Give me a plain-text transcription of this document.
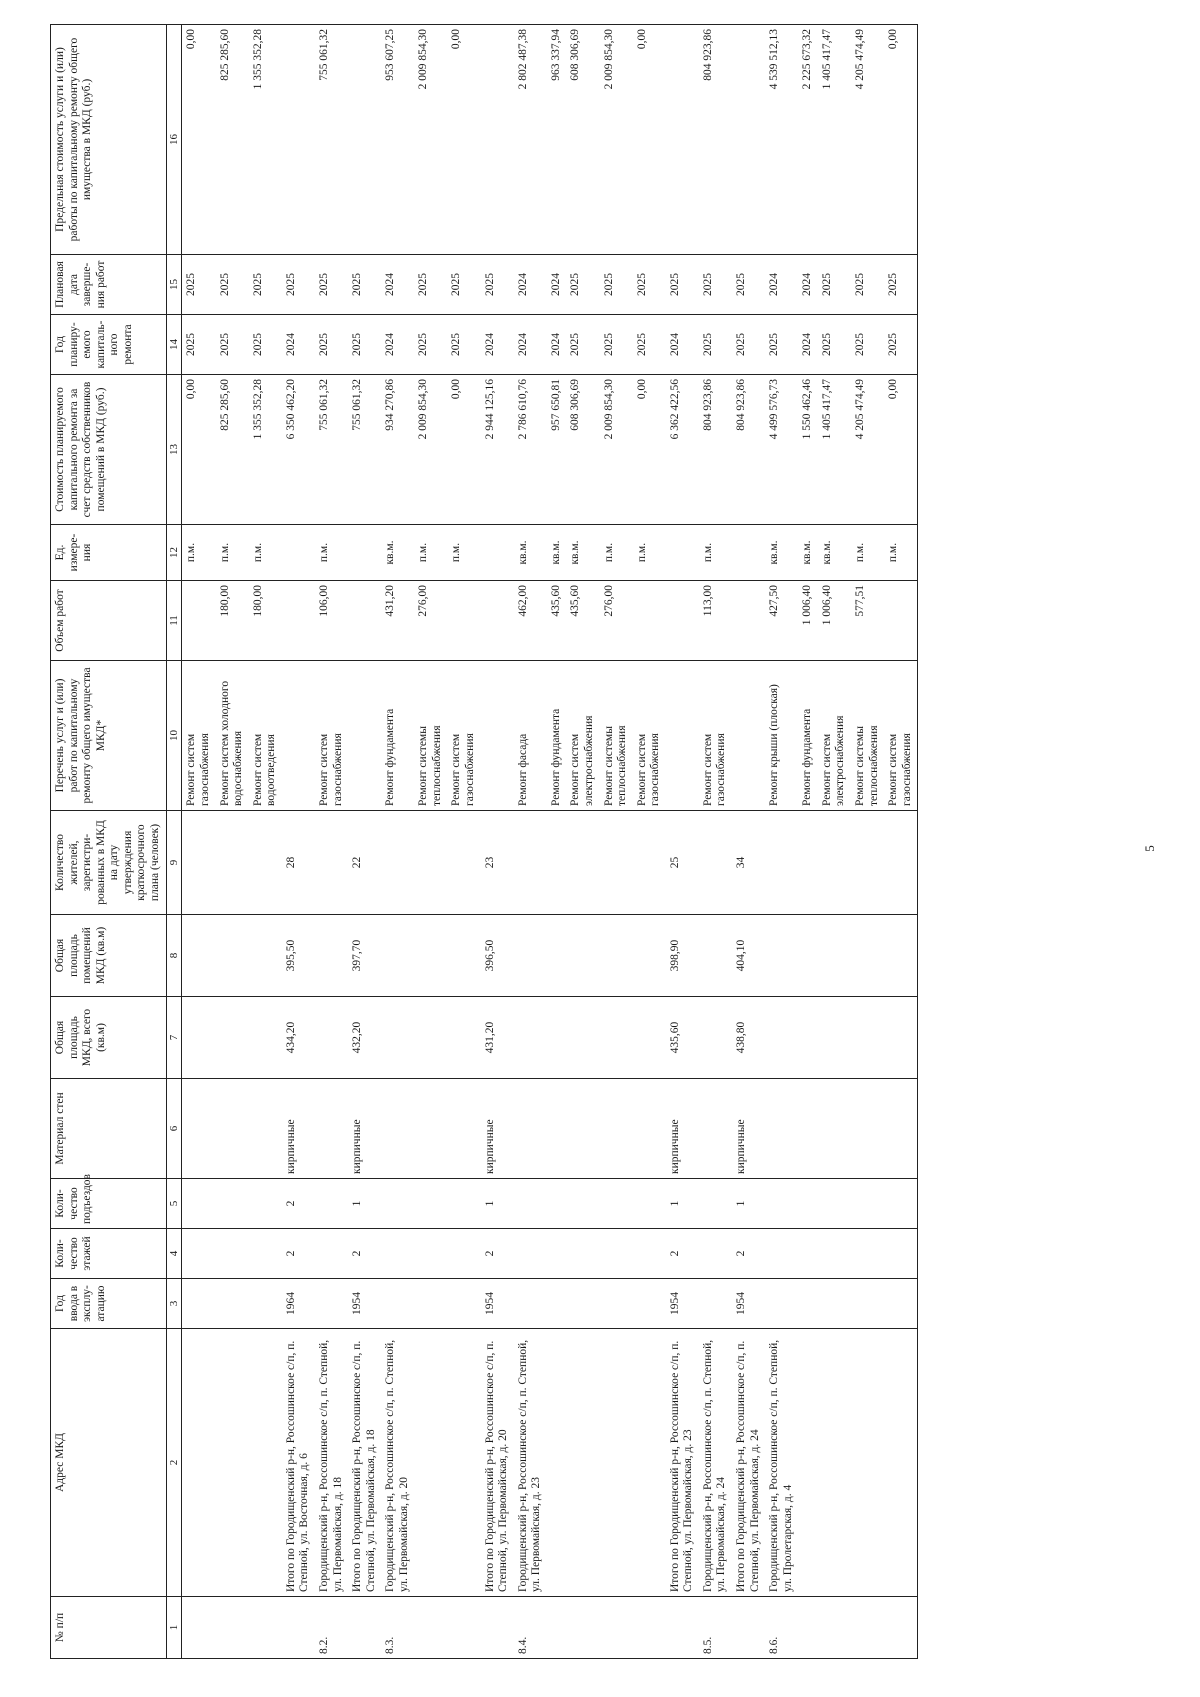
№ п/п	Адрес МКД	Год ввода в эксплу-атацию	Коли-чество этажей	Коли-чество подъездов	Материал стен	Общая площадь МКД, всего (кв.м)	Общая площадь помещений МКД (кв.м)	Количество жителей, зарегистри-рованных в МКД на дату утверждения краткосрочного плана (человек)	Перечень услуг и (или) работ по капитальному ремонту общего имущества МКД*	Объем работ	Ед. измере-ния	Стоимость планируемого капитального ремонта за счет средств собственников помещений в МКД (руб.)	Год планиру-емого капиталь-ного ремонта	Плановая дата заверше-ния работ	Предельная стоимость услуги и (или) работы по капитальному ремонту общего имущества в МКД (руб.)
1	2	3	4	5	6	7	8	9	10	11	12	13	14	15	16
									Ремонт систем газоснабжения		п.м.	0,00	2025	2025	0,00
									Ремонт систем холодного водоснабжения	180,00	п.м.	825 285,60	2025	2025	825 285,60
									Ремонт систем водоотведения	180,00	п.м.	1 355 352,28	2025	2025	1 355 352,28
	Итого по Городищенский р-н, Россошинское с/п, п. Степной, ул. Восточная, д. 6	1964	2	2	кирпичные	434,20	395,50	28				6 350 462,20	2024	2025	
8.2.	Городищенский р-н, Россошинское с/п, п. Степной, ул. Первомайская, д. 18								Ремонт систем газоснабжения	106,00	п.м.	755 061,32	2025	2025	755 061,32
	Итого по Городищенский р-н, Россошинское с/п, п. Степной, ул. Первомайская, д. 18	1954	2	1	кирпичные	432,20	397,70	22				755 061,32	2025	2025	
8.3.	Городищенский р-н, Россошинское с/п, п. Степной, ул. Первомайская, д. 20								Ремонт фундамента	431,20	кв.м.	934 270,86	2024	2024	953 607,25
									Ремонт системы теплоснабжения	276,00	п.м.	2 009 854,30	2025	2025	2 009 854,30
									Ремонт систем газоснабжения		п.м.	0,00	2025	2025	0,00
	Итого по Городищенский р-н, Россошинское с/п, п. Степной, ул. Первомайская, д. 20	1954	2	1	кирпичные	431,20	396,50	23				2 944 125,16	2024	2025	
8.4.	Городищенский р-н, Россошинское с/п, п. Степной, ул. Первомайская, д. 23								Ремонт фасада	462,00	кв.м.	2 786 610,76	2024	2024	2 802 487,38
									Ремонт фундамента	435,60	кв.м.	957 650,81	2024	2024	963 337,94
									Ремонт систем электроснабжения	435,60	кв.м.	608 306,69	2025	2025	608 306,69
									Ремонт системы теплоснабжения	276,00	п.м.	2 009 854,30	2025	2025	2 009 854,30
									Ремонт систем газоснабжения		п.м.	0,00	2025	2025	0,00
	Итого по Городищенский р-н, Россошинское с/п, п. Степной, ул. Первомайская, д. 23	1954	2	1	кирпичные	435,60	398,90	25				6 362 422,56	2024	2025	
8.5.	Городищенский р-н, Россошинское с/п, п. Степной, ул. Первомайская, д. 24								Ремонт систем газоснабжения	113,00	п.м.	804 923,86	2025	2025	804 923,86
	Итого по Городищенский р-н, Россошинское с/п, п. Степной, ул. Первомайская, д. 24	1954	2	1	кирпичные	438,80	404,10	34				804 923,86	2025	2025	
8.6.	Городищенский р-н, Россошинское с/п, п. Степной, ул. Пролетарская, д. 4								Ремонт крыши (плоская)	427,50	кв.м.	4 499 576,73	2025	2024	4 539 512,13
									Ремонт фундамента	1 006,40	кв.м.	1 550 462,46	2024	2024	2 225 673,32
									Ремонт систем электроснабжения	1 006,40	кв.м.	1 405 417,47	2025	2025	1 405 417,47
									Ремонт системы теплоснабжения	577,51	п.м.	4 205 474,49	2025	2025	4 205 474,49
									Ремонт систем газоснабжения		п.м.	0,00	2025	2025	0,00
5
